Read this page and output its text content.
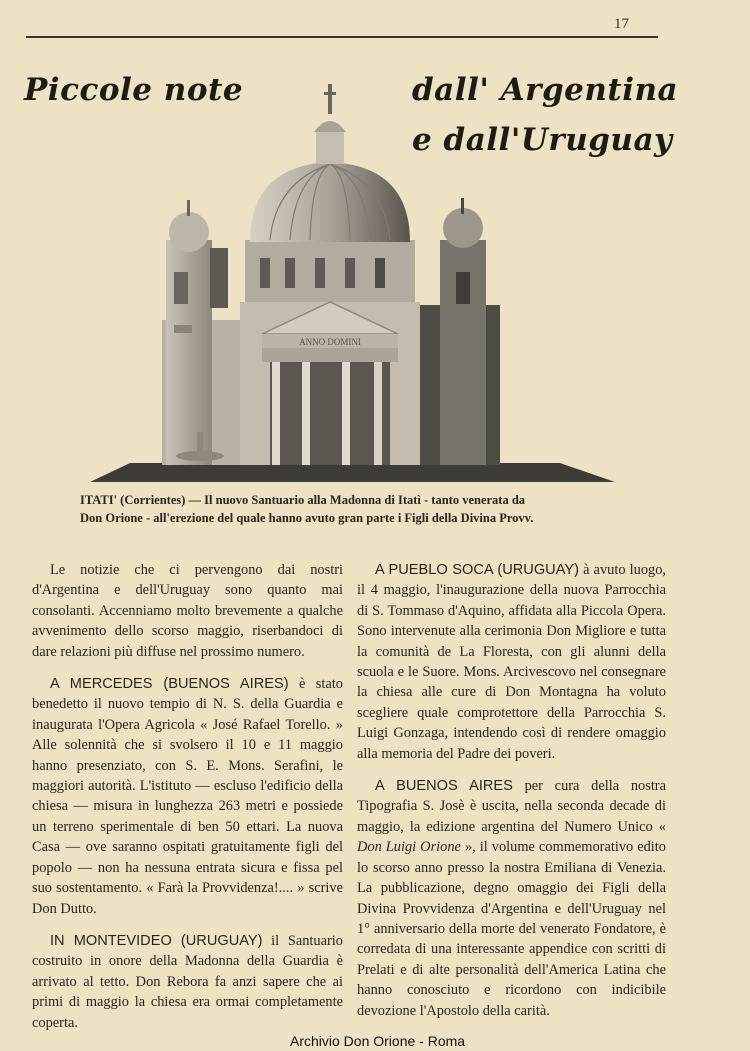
17
Piccole note	dall' Argentina
e dall'Uruguay
ANNO DOMINI
ITATI' (Corrientes) — Il nuovo Santuario alla Madonna di Itatì - tanto venerata da
Don Orione - all'erezione del quale hanno avuto gran parte i Figli della Divina Provv.

Le notizie che ci pervengono dai nostri d'Argentina e dell'Uruguay sono quanto mai consolanti. Accenniamo molto brevemente a qualche avvenimento dello scorso maggio, riserbandoci di dare relazioni più diffuse nel prossimo numero.

A MERCEDES (BUENOS AIRES) è stato benedetto il nuovo tempio di N. S. della Guardia e inaugurata l'Opera Agricola « José Rafael Torello. » Alle solennità che si svolsero il 10 e 11 maggio hanno presenziato, con S. E. Mons. Serafini, le maggiori autorità. L'istituto — escluso l'edificio della chiesa — misura in lunghezza 263 metri e possiede un terreno sperimentale di ben 50 ettari. La nuova Casa — ove saranno ospitati gratuitamente figli del popolo — non ha nessuna entrata sicura e fissa pel suo sostentamento. « Farà la Provvidenza!.... » scrive Don Dutto.

IN MONTEVIDEO (URUGUAY) il Santuario costruito in onore della Madonna della Guardia è arrivato al tetto. Don Rebora fa anzi sapere che ai primi di maggio la chiesa era ormai completamente coperta.

A PUEBLO SOCA (URUGUAY) à avuto luogo, il 4 maggio, l'inaugurazione della nuova Parrocchia di S. Tommaso d'Aquino, affidata alla Piccola Opera. Sono intervenute alla cerimonia Don Migliore e tutta la comunità de La Floresta, con gli alunni della scuola e le Suore. Mons. Arcivescovo nel consegnare la chiesa alle cure di Don Montagna ha voluto scegliere quale comprotettore della Parrocchia S. Luigi Gonzaga, intendendo così di rendere omaggio alla memoria del Padre dei poveri.

A BUENOS AIRES per cura della nostra Tipografia S. Josè è uscita, nella seconda decade di maggio, la edizione argentina del Numero Unico « Don Luigi Orione », il volume commemorativo edito lo scorso anno presso la nostra Emiliana di Venezia. La pubblicazione, degno omaggio dei Figli della Divina Provvidenza d'Argentina e dell'Uruguay nel 1° anniversario della morte del venerato Fondatore, è corredata di una interessante appendice con scritti di Prelati e di alte personalità dell'America Latina che hanno conosciuto e ricordono con indicibile devozione l'Apostolo della carità.

Archivio Don Orione - Roma
